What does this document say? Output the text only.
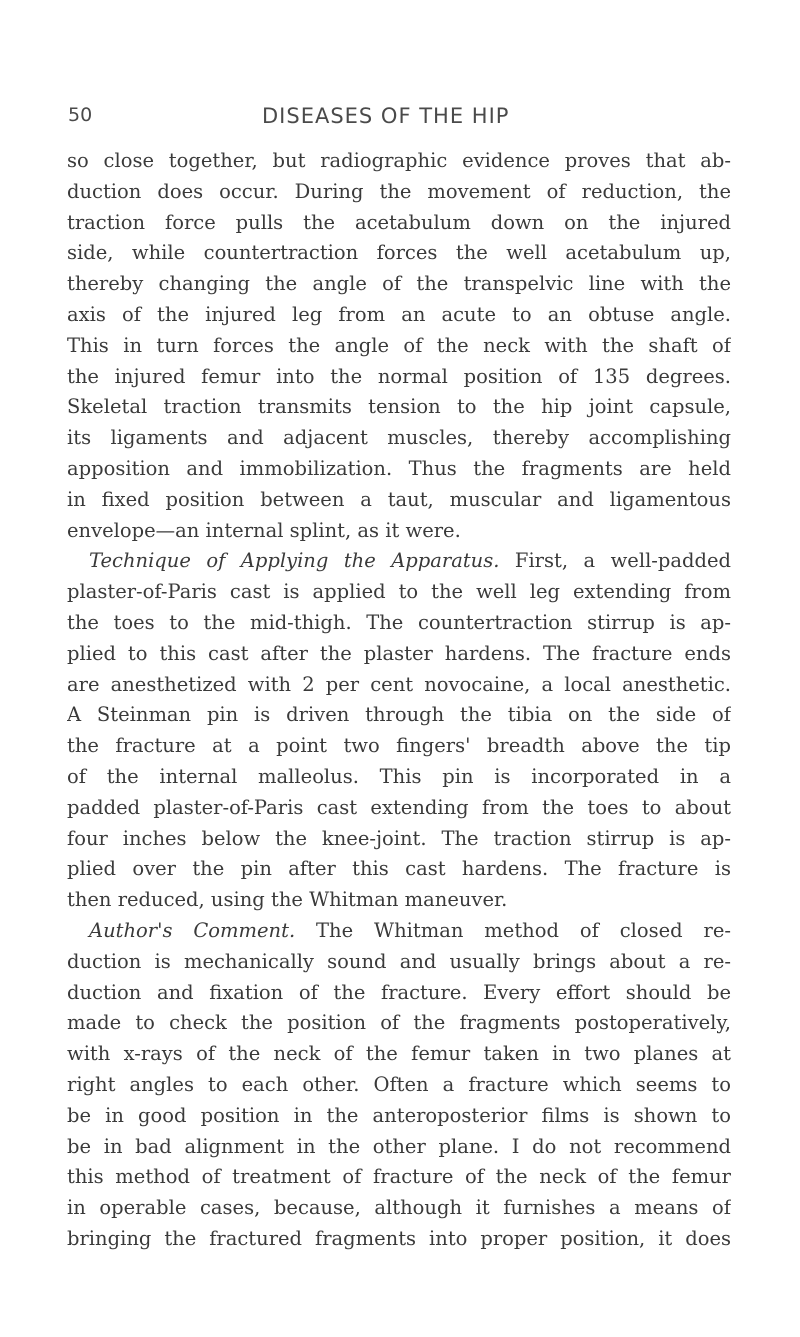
50	DISEASES OF THE HIP
so close together, but radiographic evidence proves that ab-
duction does occur. During the movement of reduction, the
traction force pulls the acetabulum down on the injured
side, while countertraction forces the well acetabulum up,
thereby changing the angle of the transpelvic line with the
axis of the injured leg from an acute to an obtuse angle.
This in turn forces the angle of the neck with the shaft of
the injured femur into the normal position of 135 degrees.
Skeletal traction transmits tension to the hip joint capsule,
its ligaments and adjacent muscles, thereby accomplishing
apposition and immobilization. Thus the fragments are held
in fixed position between a taut, muscular and ligamentous
envelope—an internal splint, as it were.
Technique of Applying the Apparatus. First, a well-padded
plaster-of-Paris cast is applied to the well leg extending from
the toes to the mid-thigh. The countertraction stirrup is ap-
plied to this cast after the plaster hardens. The fracture ends
are anesthetized with 2 per cent novocaine, a local anesthetic.
A Steinman pin is driven through the tibia on the side of
the fracture at a point two fingers' breadth above the tip
of the internal malleolus. This pin is incorporated in a
padded plaster-of-Paris cast extending from the toes to about
four inches below the knee-joint. The traction stirrup is ap-
plied over the pin after this cast hardens. The fracture is
then reduced, using the Whitman maneuver.
Author's Comment. The Whitman method of closed re-
duction is mechanically sound and usually brings about a re-
duction and fixation of the fracture. Every effort should be
made to check the position of the fragments postoperatively,
with x-rays of the neck of the femur taken in two planes at
right angles to each other. Often a fracture which seems to
be in good position in the anteroposterior films is shown to
be in bad alignment in the other plane. I do not recommend
this method of treatment of fracture of the neck of the femur
in operable cases, because, although it furnishes a means of
bringing the fractured fragments into proper position, it does
